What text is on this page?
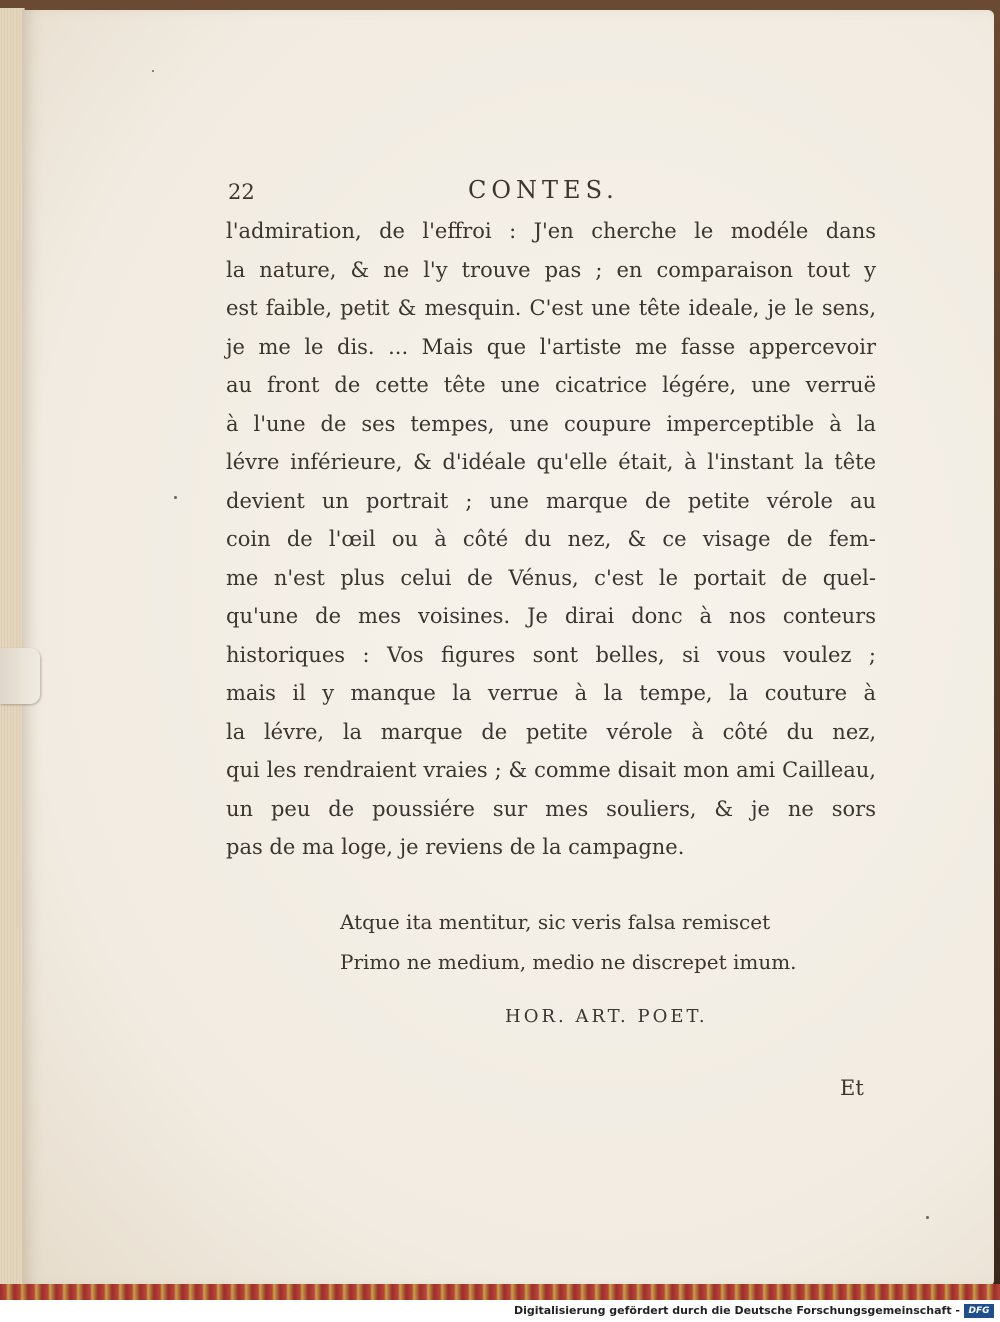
22	CONTES.
l'admiration, de l'effroi : J'en cherche le modéle dans
la nature, & ne l'y trouve pas ; en comparaison tout y
est faible, petit & mesquin. C'est une tête ideale, je le sens,
je me le dis. ... Mais que l'artiste me fasse appercevoir
au front de cette tête une cicatrice légére, une verruë
à l'une de ses tempes, une coupure imperceptible à la
lévre inférieure, & d'idéale qu'elle était, à l'instant la tête
devient un portrait ; une marque de petite vérole au
coin de l'œil ou à côté du nez, & ce visage de fem-
me n'est plus celui de Vénus, c'est le portait de quel-
qu'une de mes voisines. Je dirai donc à nos conteurs
historiques : Vos figures sont belles, si vous voulez ;
mais il y manque la verrue à la tempe, la couture à
la lévre, la marque de petite vérole à côté du nez,
qui les rendraient vraies ; & comme disait mon ami Cailleau,
un peu de poussiére sur mes souliers, & je ne sors
pas de ma loge, je reviens de la campagne.
Atque ita mentitur, sic veris falsa remiscet
Primo ne medium, medio ne discrepet imum.
HOR. ART. POET.
Et
Digitalisierung gefördert durch die Deutsche Forschungsgemeinschaft - DFG
